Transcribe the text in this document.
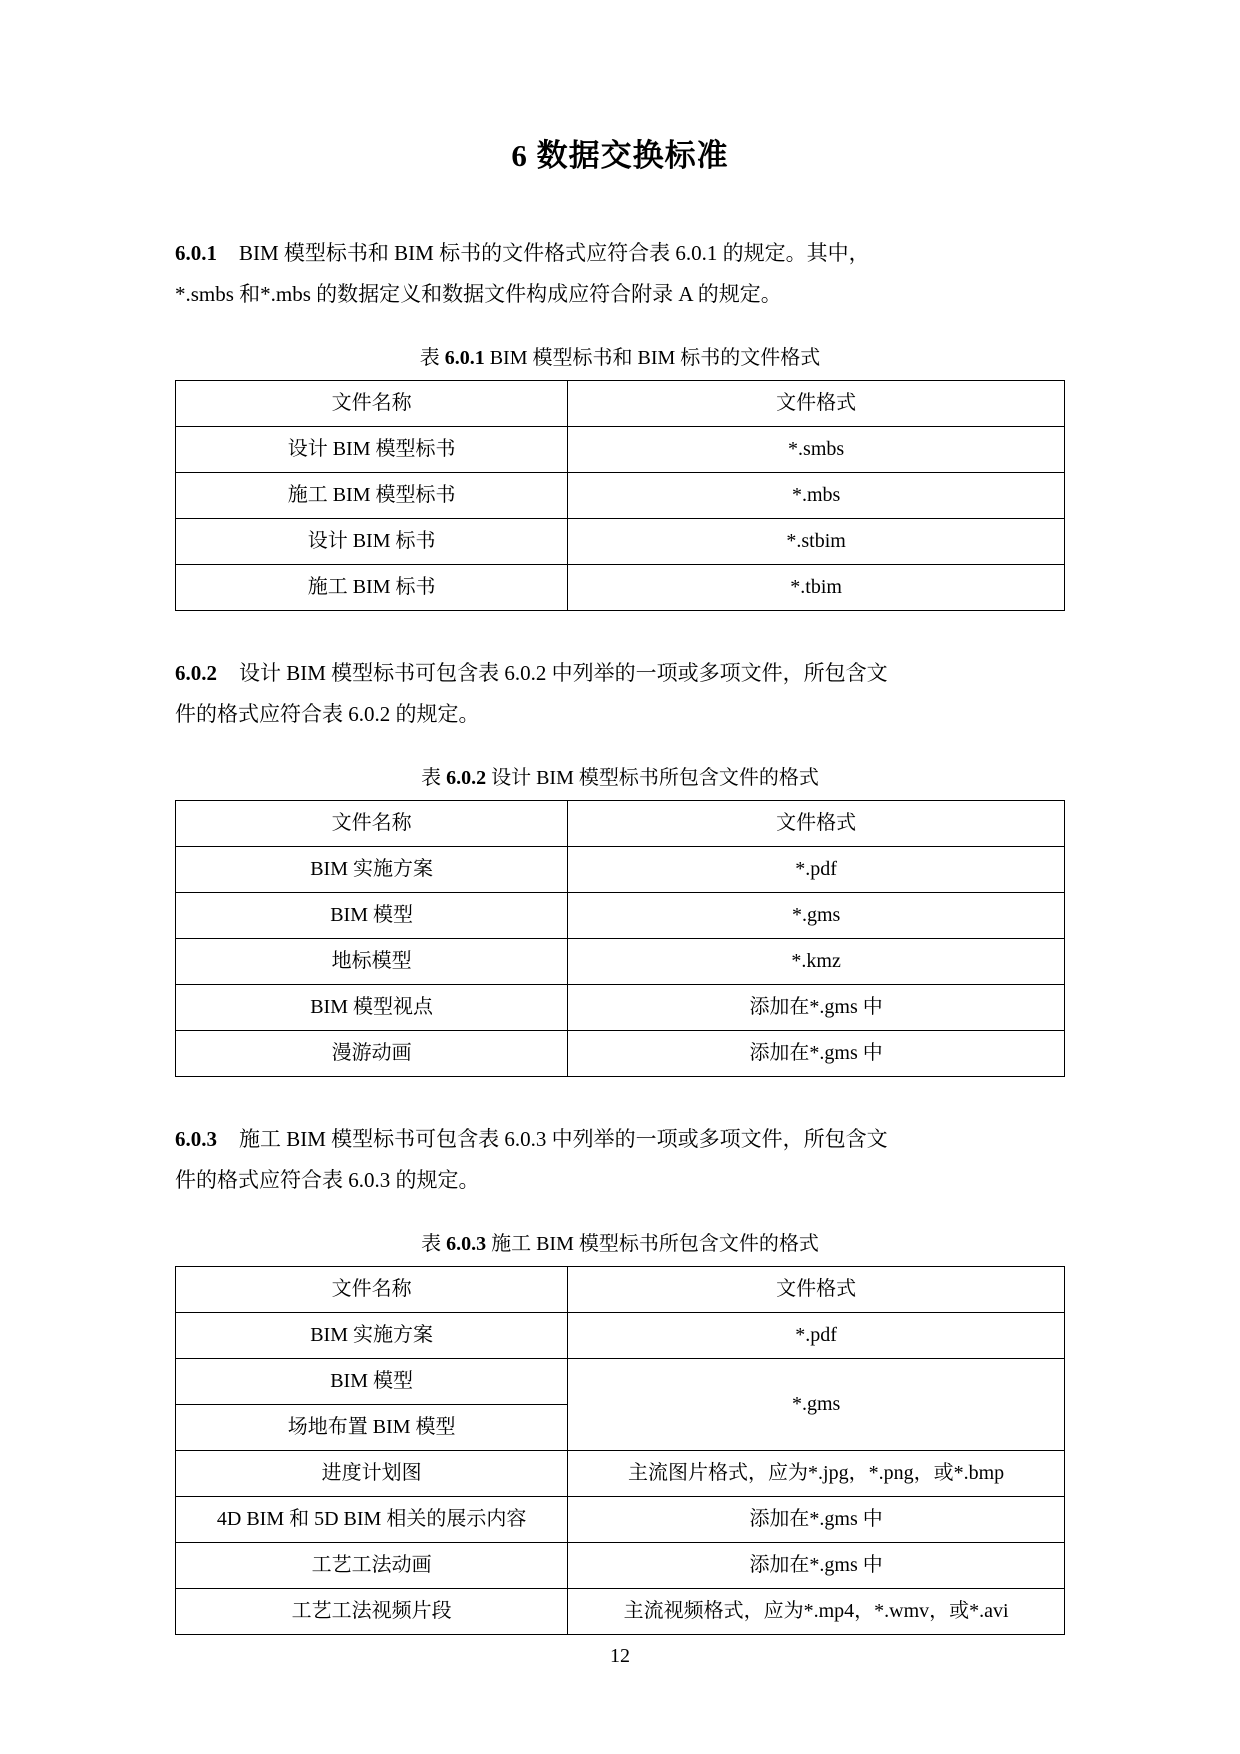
6 数据交换标准

6.0.1 BIM 模型标书和 BIM 标书的文件格式应符合表 6.0.1 的规定。其中，
*.smbs 和*.mbs 的数据定义和数据文件构成应符合附录 A 的规定。

表 6.0.1 BIM 模型标书和 BIM 标书的文件格式
文件名称	文件格式
设计 BIM 模型标书	*.smbs
施工 BIM 模型标书	*.mbs
设计 BIM 标书	*.stbim
施工 BIM 标书	*.tbim

6.0.2 设计 BIM 模型标书可包含表 6.0.2 中列举的一项或多项文件，所包含文
件的格式应符合表 6.0.2 的规定。

表 6.0.2 设计 BIM 模型标书所包含文件的格式
文件名称	文件格式
BIM 实施方案	*.pdf
BIM 模型	*.gms
地标模型	*.kmz
BIM 模型视点	添加在*.gms 中
漫游动画	添加在*.gms 中

6.0.3 施工 BIM 模型标书可包含表 6.0.3 中列举的一项或多项文件，所包含文
件的格式应符合表 6.0.3 的规定。

表 6.0.3 施工 BIM 模型标书所包含文件的格式
文件名称	文件格式
BIM 实施方案	*.pdf
BIM 模型	*.gms
场地布置 BIM 模型	
进度计划图	主流图片格式，应为*.jpg，*.png，或*.bmp
4D BIM 和 5D BIM 相关的展示内容	添加在*.gms 中
工艺工法动画	添加在*.gms 中
工艺工法视频片段	主流视频格式，应为*.mp4，*.wmv，或*.avi
12
